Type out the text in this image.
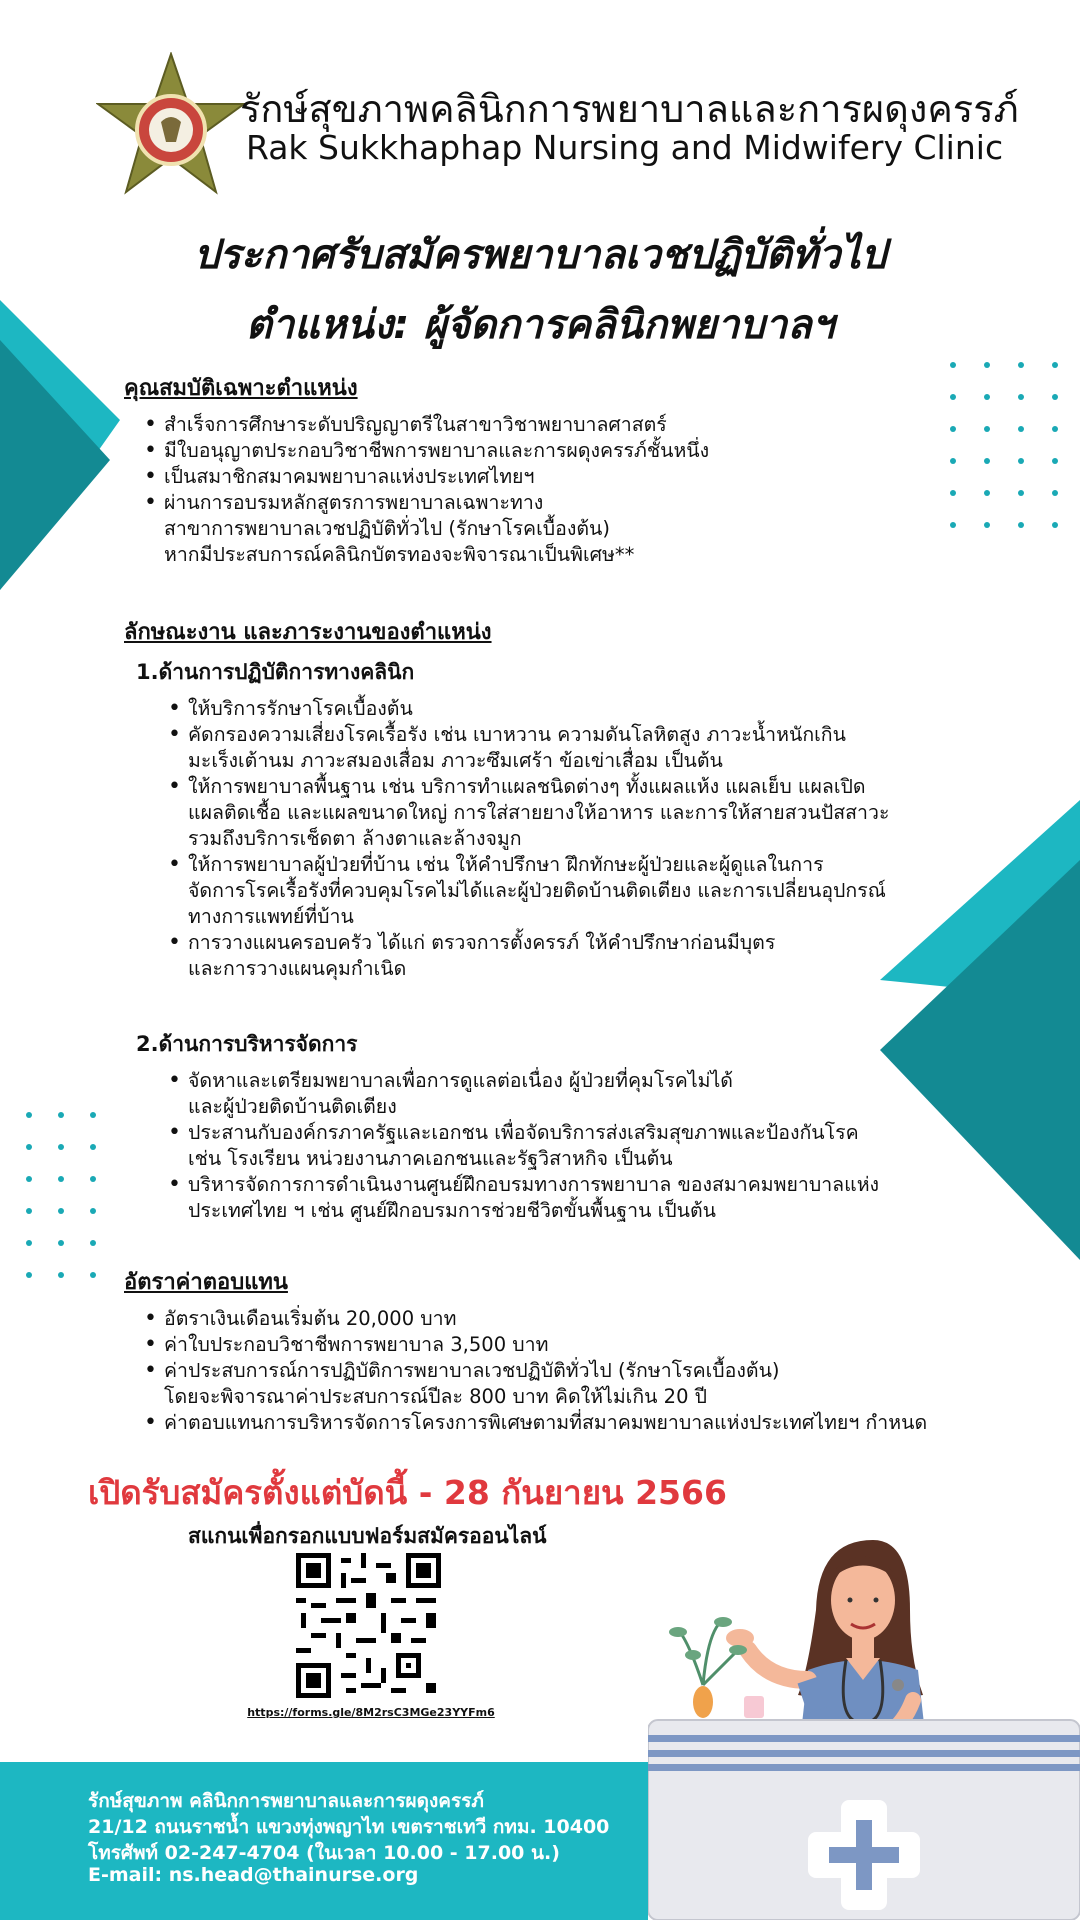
รักษ์สุขภาพคลินิกการพยาบาลและการผดุงครรภ์
Rak Sukkhaphap Nursing and Midwifery Clinic
ประกาศรับสมัครพยาบาลเวชปฏิบัติทั่วไป
ตำแหน่ง: ผู้จัดการคลินิกพยาบาลฯ
คุณสมบัติเฉพาะตำแหน่ง
• สำเร็จการศึกษาระดับปริญญาตรีในสาขาวิชาพยาบาลศาสตร์
• มีใบอนุญาตประกอบวิชาชีพการพยาบาลและการผดุงครรภ์ชั้นหนึ่ง
• เป็นสมาชิกสมาคมพยาบาลแห่งประเทศไทยฯ
• ผ่านการอบรมหลักสูตรการพยาบาลเฉพาะทาง
สาขาการพยาบาลเวชปฏิบัติทั่วไป (รักษาโรคเบื้องต้น)
หากมีประสบการณ์คลินิกบัตรทองจะพิจารณาเป็นพิเศษ**
ลักษณะงาน และภาระงานของตำแหน่ง
1.ด้านการปฏิบัติการทางคลินิก
• ให้บริการรักษาโรคเบื้องต้น
• คัดกรองความเสี่ยงโรคเรื้อรัง เช่น เบาหวาน ความดันโลหิตสูง ภาวะน้ำหนักเกิน
มะเร็งเต้านม ภาวะสมองเสื่อม ภาวะซึมเศร้า ข้อเข่าเสื่อม เป็นต้น
• ให้การพยาบาลพื้นฐาน เช่น บริการทำแผลชนิดต่างๆ ทั้งแผลแห้ง แผลเย็บ แผลเปิด
แผลติดเชื้อ และแผลขนาดใหญ่ การใส่สายยางให้อาหาร และการให้สายสวนปัสสาวะ
รวมถึงบริการเช็ดตา ล้างตาและล้างจมูก
• ให้การพยาบาลผู้ป่วยที่บ้าน เช่น ให้คำปรึกษา ฝึกทักษะผู้ป่วยและผู้ดูแลในการ
จัดการโรคเรื้อรังที่ควบคุมโรคไม่ได้และผู้ป่วยติดบ้านติดเตียง และการเปลี่ยนอุปกรณ์
ทางการแพทย์ที่บ้าน
• การวางแผนครอบครัว ได้แก่ ตรวจการตั้งครรภ์ ให้คำปรึกษาก่อนมีบุตร
และการวางแผนคุมกำเนิด
2.ด้านการบริหารจัดการ
• จัดหาและเตรียมพยาบาลเพื่อการดูแลต่อเนื่อง ผู้ป่วยที่คุมโรคไม่ได้
และผู้ป่วยติดบ้านติดเตียง
• ประสานกับองค์กรภาครัฐและเอกชน เพื่อจัดบริการส่งเสริมสุขภาพและป้องกันโรค
เช่น โรงเรียน หน่วยงานภาคเอกชนและรัฐวิสาหกิจ เป็นต้น
• บริหารจัดการการดำเนินงานศูนย์ฝึกอบรมทางการพยาบาล ของสมาคมพยาบาลแห่ง
ประเทศไทย ฯ เช่น ศูนย์ฝึกอบรมการช่วยชีวิตขั้นพื้นฐาน เป็นต้น
อัตราค่าตอบแทน
• อัตราเงินเดือนเริ่มต้น 20,000 บาท
• ค่าใบประกอบวิชาชีพการพยาบาล 3,500 บาท
• ค่าประสบการณ์การปฏิบัติการพยาบาลเวชปฏิบัติทั่วไป (รักษาโรคเบื้องต้น)
โดยจะพิจารณาค่าประสบการณ์ปีละ 800 บาท คิดให้ไม่เกิน 20 ปี
• ค่าตอบแทนการบริหารจัดการโครงการพิเศษตามที่สมาคมพยาบาลแห่งประเทศไทยฯ กำหนด
เปิดรับสมัครตั้งแต่บัดนี้ - 28 กันยายน 2566
สแกนเพื่อกรอกแบบฟอร์มสมัครออนไลน์
https://forms.gle/8M2rsC3MGe23YYFm6
รักษ์สุขภาพ คลินิกการพยาบาลและการผดุงครรภ์
21/12 ถนนราชน้ำ แขวงทุ่งพญาไท เขตราชเทวี กทม. 10400
โทรศัพท์ 02-247-4704 (ในเวลา 10.00 - 17.00 น.)
E-mail: ns.head@thainurse.org
